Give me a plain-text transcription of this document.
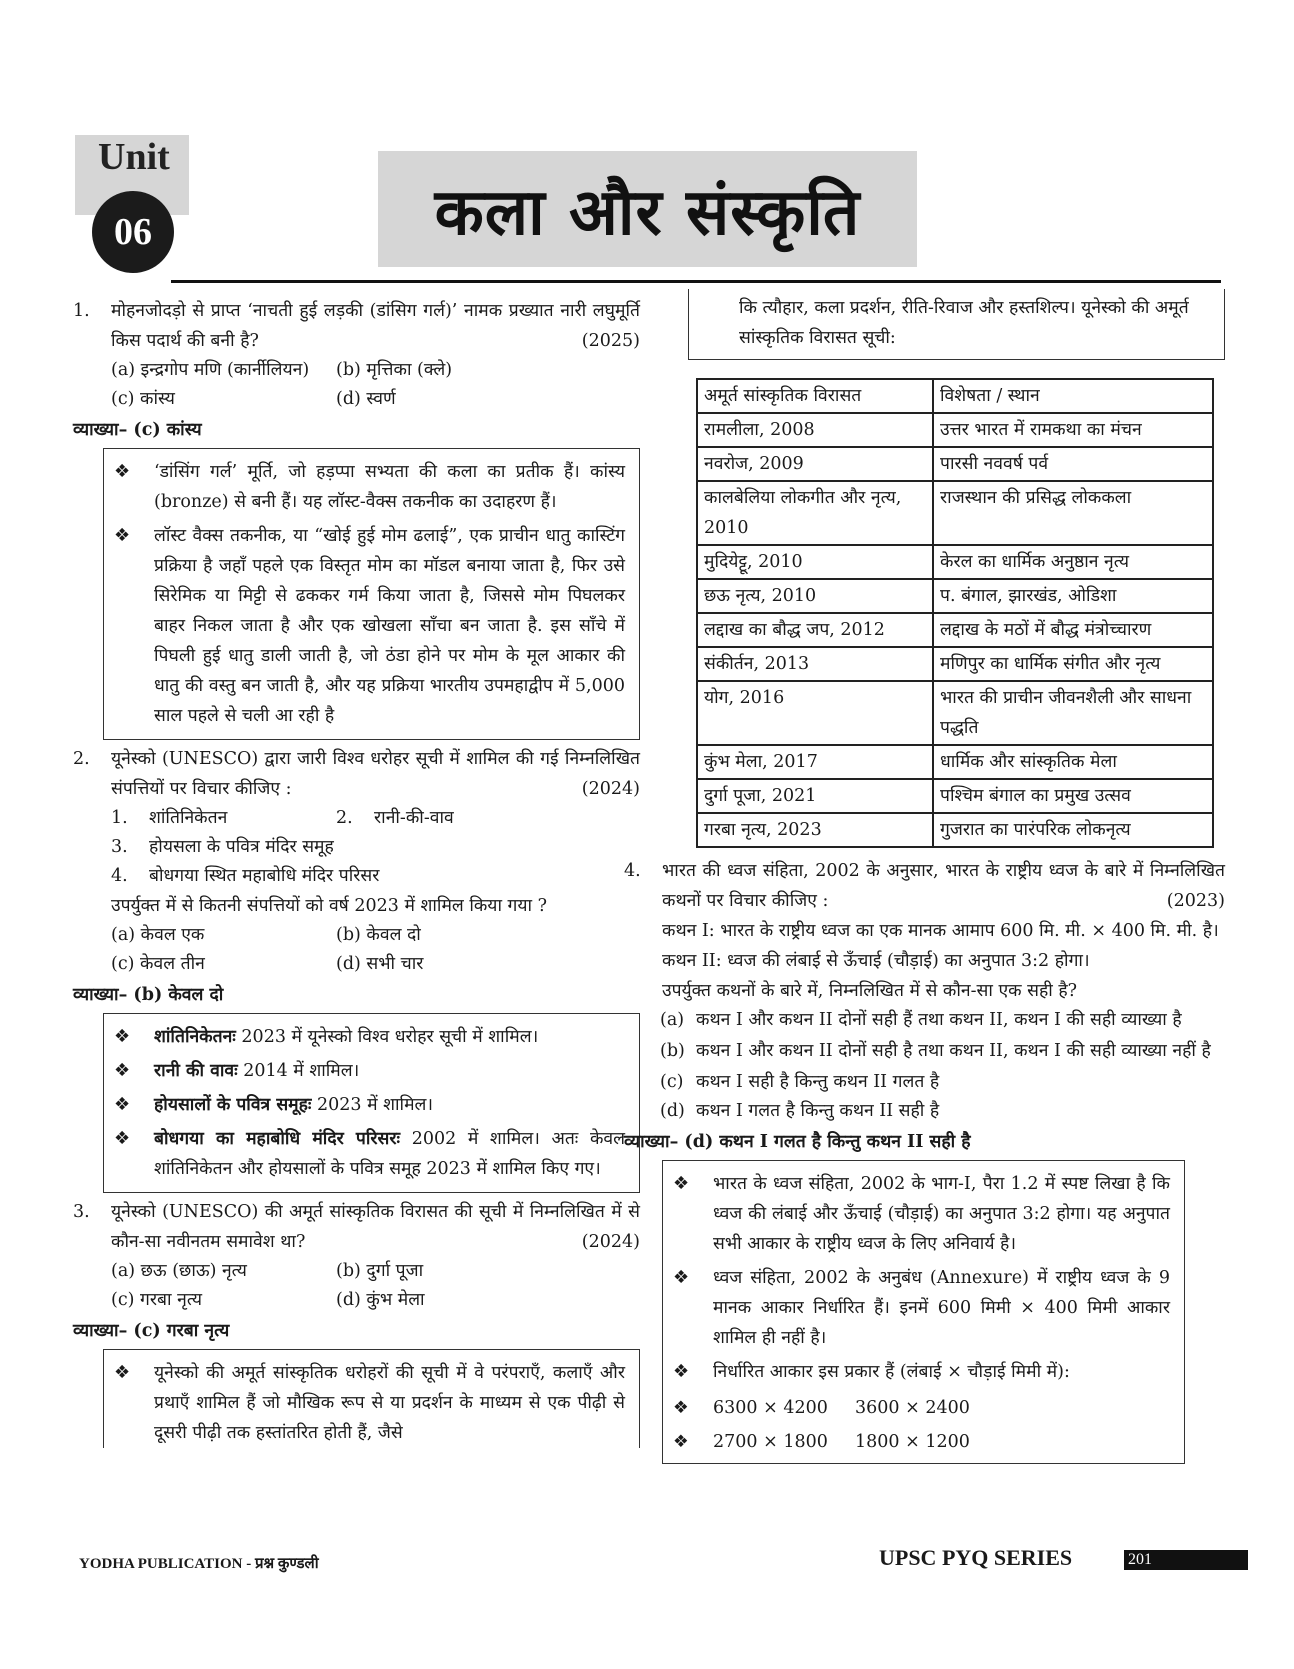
Unit
06	कला और संस्कृति
1. मोहनजोदड़ो से प्राप्त ‘नाचती हुई लड़की (डांसिग गर्ल)’ नामक प्रख्यात नारी लघुमूर्ति किस पदार्थ की बनी है?	(2025)
(a) इन्द्रगोप मणि (कार्नीलियन)	(b) मृत्तिका (क्ले)
(c) कांस्य	(d) स्वर्ण
व्याख्या– (c) कांस्य
❖	‘डांसिंग गर्ल’ मूर्ति, जो हड़प्पा सभ्यता की कला का प्रतीक हैं। कांस्य (bronze) से बनी हैं। यह लॉस्ट-वैक्स तकनीक का उदाहरण हैं।
❖	लॉस्ट वैक्स तकनीक, या “खोई हुई मोम ढलाई”, एक प्राचीन धातु कास्टिंग प्रक्रिया है जहाँ पहले एक विस्तृत मोम का मॉडल बनाया जाता है, फिर उसे सिरेमिक या मिट्टी से ढककर गर्म किया जाता है, जिससे मोम पिघलकर बाहर निकल जाता है और एक खोखला साँचा बन जाता है. इस साँचे में पिघली हुई धातु डाली जाती है, जो ठंडा होने पर मोम के मूल आकार की धातु की वस्तु बन जाती है, और यह प्रक्रिया भारतीय उपमहाद्वीप में 5,000 साल पहले से चली आ रही है
2. यूनेस्को (UNESCO) द्वारा जारी विश्व धरोहर सूची में शामिल की गई निम्नलिखित संपत्तियों पर विचार कीजिए :	(2024)
1.	शांतिनिकेतन	2.	रानी-की-वाव
3.	होयसला के पवित्र मंदिर समूह
4.	बोधगया स्थित महाबोधि मंदिर परिसर
उपर्युक्त में से कितनी संपत्तियों को वर्ष 2023 में शामिल किया गया ?
(a) केवल एक	(b) केवल दो
(c) केवल तीन	(d) सभी चार
व्याख्या– (b) केवल दो
❖	शांतिनिकेतनः 2023 में यूनेस्को विश्व धरोहर सूची में शामिल।
❖	रानी की वावः 2014 में शामिल।
❖	होयसालों के पवित्र समूहः 2023 में शामिल।
❖	बोधगया का महाबोधि मंदिर परिसरः 2002 में शामिल। अतः केवल शांतिनिकेतन और होयसालों के पवित्र समूह 2023 में शामिल किए गए।
3. यूनेस्को (UNESCO) की अमूर्त सांस्कृतिक विरासत की सूची में निम्नलिखित में से कौन-सा नवीनतम समावेश था?	(2024)
(a) छऊ (छाऊ) नृत्य	(b) दुर्गा पूजा
(c) गरबा नृत्य	(d) कुंभ मेला
व्याख्या– (c) गरबा नृत्य
❖	यूनेस्को की अमूर्त सांस्कृतिक धरोहरों की सूची में वे परंपराएँ, कलाएँ और प्रथाएँ शामिल हैं जो मौखिक रूप से या प्रदर्शन के माध्यम से एक पीढ़ी से दूसरी पीढ़ी तक हस्तांतरित होती हैं, जैसे
कि त्यौहार, कला प्रदर्शन, रीति-रिवाज और हस्तशिल्प। यूनेस्को की अमूर्त सांस्कृतिक विरासत सूची:
अमूर्त सांस्कृतिक विरासत	विशेषता / स्थान
रामलीला, 2008	उत्तर भारत में रामकथा का मंचन
नवरोज, 2009	पारसी नववर्ष पर्व
कालबेलिया लोकगीत और नृत्य, 2010	राजस्थान की प्रसिद्ध लोककला
मुदियेट्टू, 2010	केरल का धार्मिक अनुष्ठान नृत्य
छऊ नृत्य, 2010	प. बंगाल, झारखंड, ओडिशा
लद्दाख का बौद्ध जप, 2012	लद्दाख के मठों में बौद्ध मंत्रोच्चारण
संकीर्तन, 2013	मणिपुर का धार्मिक संगीत और नृत्य
योग, 2016	भारत की प्राचीन जीवनशैली और साधना पद्धति
कुंभ मेला, 2017	धार्मिक और सांस्कृतिक मेला
दुर्गा पूजा, 2021	पश्चिम बंगाल का प्रमुख उत्सव
गरबा नृत्य, 2023	गुजरात का पारंपरिक लोकनृत्य
4. भारत की ध्वज संहिता, 2002 के अनुसार, भारत के राष्ट्रीय ध्वज के बारे में निम्नलिखित कथनों पर विचार कीजिए :	(2023)
कथन I: भारत के राष्ट्रीय ध्वज का एक मानक आमाप 600 मि. मी. × 400 मि. मी. है।
कथन II: ध्वज की लंबाई से ऊँचाई (चौड़ाई) का अनुपात 3:2 होगा।
उपर्युक्त कथनों के बारे में, निम्नलिखित में से कौन-सा एक सही है?
(a) कथन I और कथन II दोनों सही हैं तथा कथन II, कथन I की सही व्याख्या है
(b) कथन I और कथन II दोनों सही है तथा कथन II, कथन I की सही व्याख्या नहीं है
(c) कथन I सही है किन्तु कथन II गलत है
(d) कथन I गलत है किन्तु कथन II सही है
व्याख्या– (d) कथन I गलत है किन्तु कथन II सही है
❖	भारत के ध्वज संहिता, 2002 के भाग-I, पैरा 1.2 में स्पष्ट लिखा है कि ध्वज की लंबाई और ऊँचाई (चौड़ाई) का अनुपात 3:2 होगा। यह अनुपात सभी आकार के राष्ट्रीय ध्वज के लिए अनिवार्य है।
❖	ध्वज संहिता, 2002 के अनुबंध (Annexure) में राष्ट्रीय ध्वज के 9 मानक आकार निर्धारित हैं। इनमें 600 मिमी × 400 मिमी आकार शामिल ही नहीं है।
❖	निर्धारित आकार इस प्रकार हैं (लंबाई × चौड़ाई मिमी में):
❖	6300 × 4200	3600 × 2400
❖	2700 × 1800	1800 × 1200
YODHA PUBLICATION - प्रश्न कुण्डली	UPSC PYQ SERIES	201
